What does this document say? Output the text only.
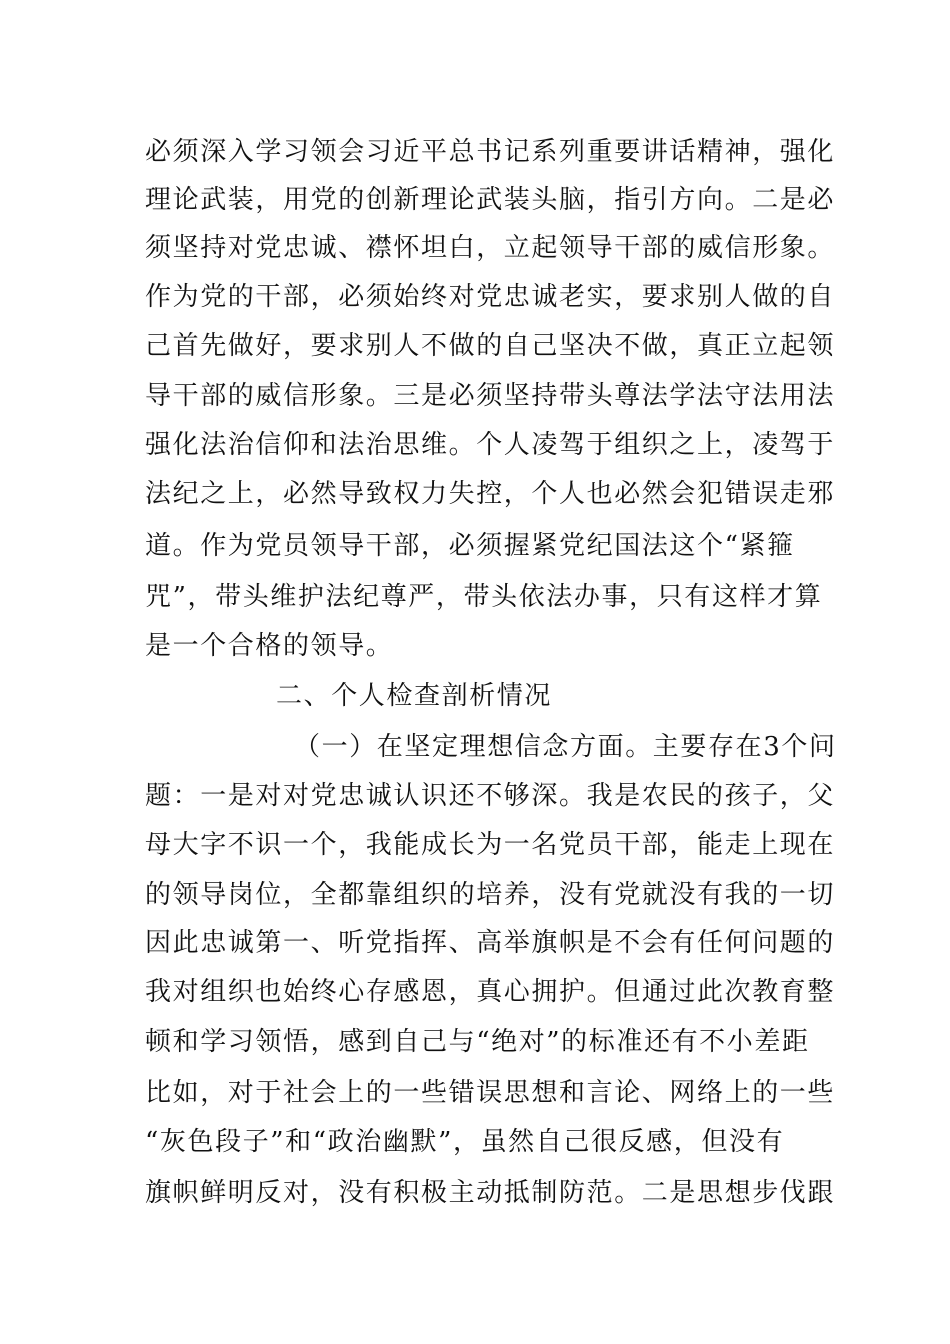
必须深入学习领会习近平总书记系列重要讲话精神，强化
理论武装，用党的创新理论武装头脑，指引方向。二是必
须坚持对党忠诚、襟怀坦白，立起领导干部的威信形象。
作为党的干部，必须始终对党忠诚老实，要求别人做的自
己首先做好，要求别人不做的自己坚决不做，真正立起领
导干部的威信形象。三是必须坚持带头尊法学法守法用法
强化法治信仰和法治思维。个人凌驾于组织之上，凌驾于
法纪之上，必然导致权力失控，个人也必然会犯错误走邪
道。作为党员领导干部，必须握紧党纪国法这个“紧箍
咒”，带头维护法纪尊严，带头依法办事，只有这样才算
是一个合格的领导。
二、个人检查剖析情况
（一）在坚定理想信念方面。主要存在3个问
题：一是对对党忠诚认识还不够深。我是农民的孩子，父
母大字不识一个，我能成长为一名党员干部，能走上现在
的领导岗位，全都靠组织的培养，没有党就没有我的一切
因此忠诚第一、听党指挥、高举旗帜是不会有任何问题的
我对组织也始终心存感恩，真心拥护。但通过此次教育整
顿和学习领悟，感到自己与“绝对”的标准还有不小差距
比如，对于社会上的一些错误思想和言论、网络上的一些
“灰色段子”和“政治幽默”，虽然自己很反感，但没有
旗帜鲜明反对，没有积极主动抵制防范。二是思想步伐跟
